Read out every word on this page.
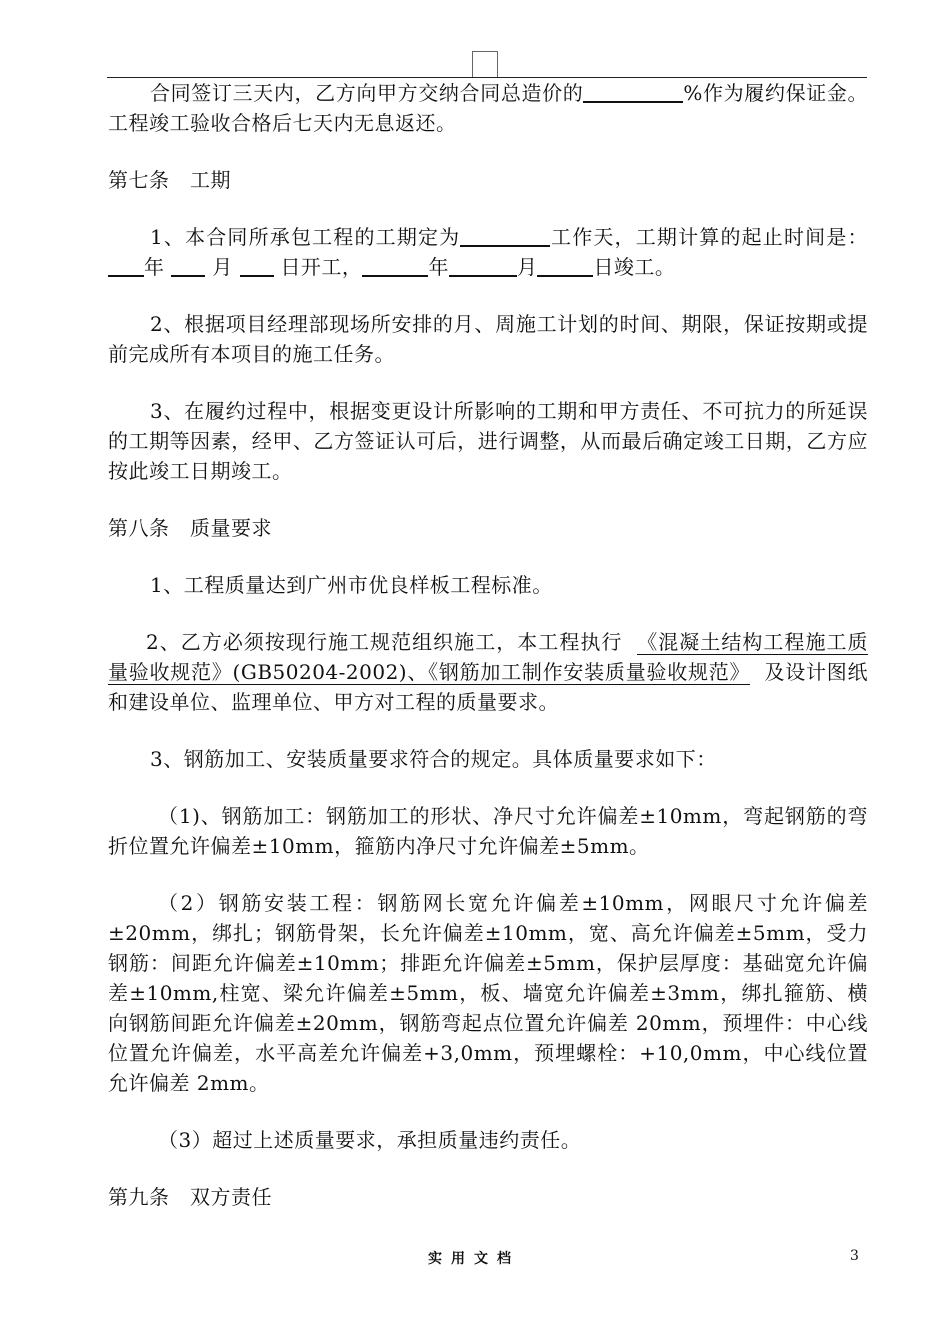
合同签订三天内，乙方向甲方交纳合同总造价的	%作为履约保证金。工程竣工验收合格后七天内无息返还。

第七条　工期

1、本合同所承包工程的工期定为	工作天，工期计算的起止时间是：年 月 日开工，	年	月	日竣工。

2、根据项目经理部现场所安排的月、周施工计划的时间、期限，保证按期或提前完成所有本项目的施工任务。

3、在履约过程中，根据变更设计所影响的工期和甲方责任、不可抗力的所延误的工期等因素，经甲、乙方签证认可后，进行调整，从而最后确定竣工日期，乙方应按此竣工日期竣工。

第八条　质量要求

1、工程质量达到广州市优良样板工程标准。

2、乙方必须按现行施工规范组织施工，本工程执行 《混凝土结构工程施工质量验收规范》(GB50204-2002)、《钢筋加工制作安装质量验收规范》 及设计图纸和建设单位、监理单位、甲方对工程的质量要求。

3、钢筋加工、安装质量要求符合的规定。具体质量要求如下：

（1)、钢筋加工：钢筋加工的形状、净尺寸允许偏差±10mm，弯起钢筋的弯折位置允许偏差±10mm，箍筋内净尺寸允许偏差±5mm。

（2）钢筋安装工程：钢筋网长宽允许偏差±10mm，网眼尺寸允许偏差±20mm，绑扎；钢筋骨架，长允许偏差±10mm，宽、高允许偏差±5mm，受力钢筋：间距允许偏差±10mm；排距允许偏差±5mm，保护层厚度：基础宽允许偏差±10mm,柱宽、梁允许偏差±5mm，板、墙宽允许偏差±3mm，绑扎箍筋、横向钢筋间距允许偏差±20mm，钢筋弯起点位置允许偏差 20mm，预埋件：中心线位置允许偏差，水平高差允许偏差+3,0mm，预埋螺栓：+10,0mm，中心线位置允许偏差 2mm。

（3）超过上述质量要求，承担质量违约责任。

第九条　双方责任

实用文档	3
